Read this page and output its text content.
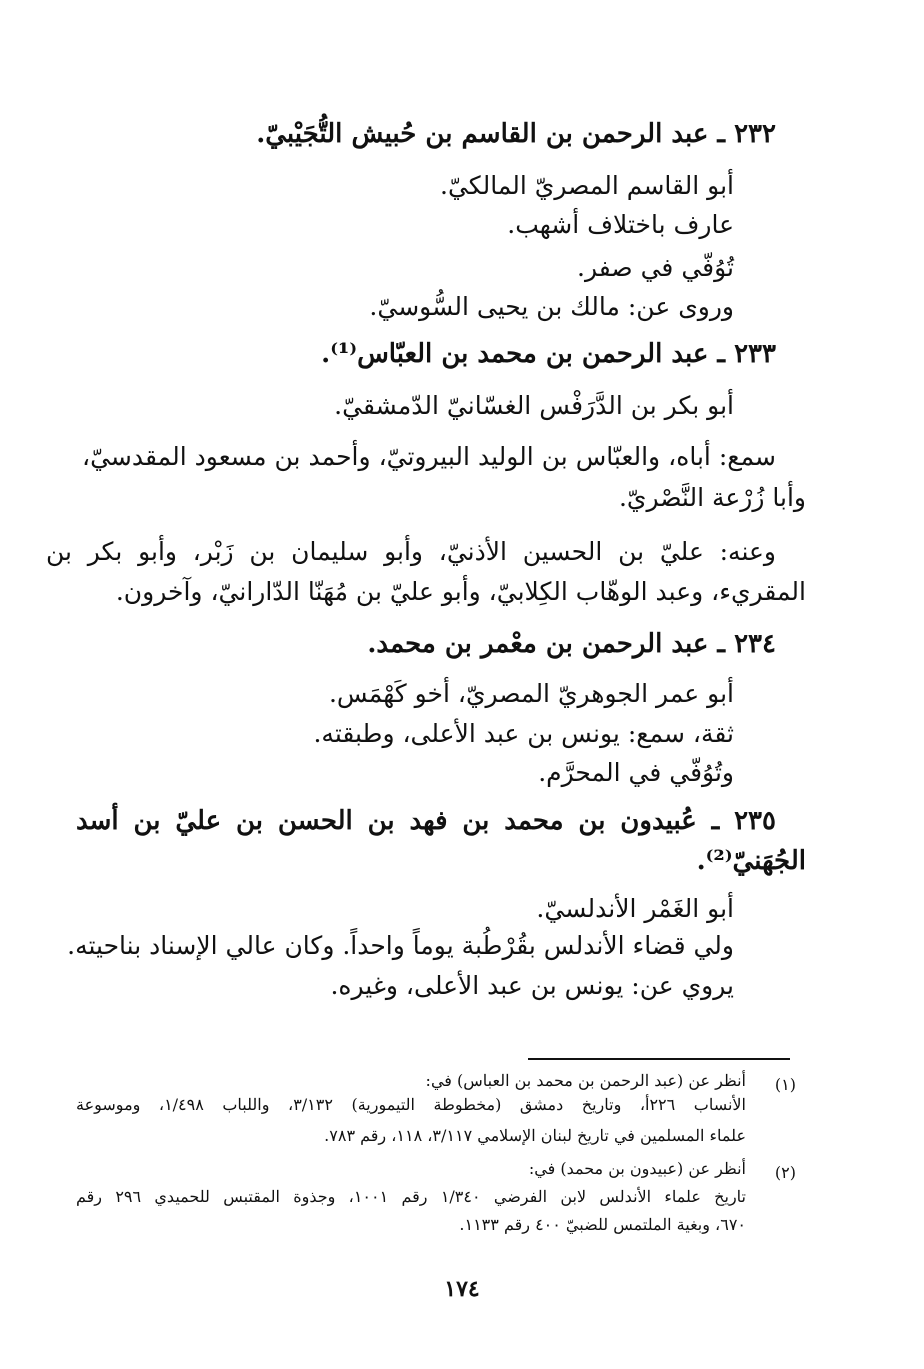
٢٣٢ ـ عبد الرحمن بن القاسم بن حُبيش التُّجَيْبيّ.
أبو القاسم المصريّ المالكيّ.
عارف باختلاف أشهب.
تُوُفّي في صفر.
وروى عن: مالك بن يحيى السُّوسيّ.
٢٣٣ ـ عبد الرحمن بن محمد بن العبّاس⁽¹⁾.
أبو بكر بن الدَّرَفْس الغسّانيّ الدّمشقيّ.
سمع: أباه، والعبّاس بن الوليد البيروتيّ، وأحمد بن مسعود المقدسيّ،
وأبا زُرْعة النَّصْريّ.
وعنه: عليّ بن الحسين الأذنيّ، وأبو سليمان بن زَبْر، وأبو بكر بن
المقريء، وعبد الوهّاب الكِلابيّ، وأبو عليّ بن مُهَنّا الدّارانيّ، وآخرون.
٢٣٤ ـ عبد الرحمن بن معْمر بن محمد.
أبو عمر الجوهريّ المصريّ، أخو كَهْمَس.
ثقة، سمع: يونس بن عبد الأعلى، وطبقته.
وتُوُفّي في المحرَّم.
٢٣٥ ـ عُبيدون بن محمد بن فهد بن الحسن بن عليّ بن أسد
الجُهَنيّ⁽²⁾.
أبو الغَمْر الأندلسيّ.
ولي قضاء الأندلس بقُرْطُبة يوماً واحداً. وكان عالي الإسناد بناحيته.
يروي عن: يونس بن عبد الأعلى، وغيره.
(١)
أنظر عن (عبد الرحمن بن محمد بن العباس) في:
الأنساب ٢٢٦أ، وتاريخ دمشق (مخطوطة التيمورية) ٣/١٣٢، واللباب ١/٤٩٨، وموسوعة
علماء المسلمين في تاريخ لبنان الإسلامي ٣/١١٧، ١١٨، رقم ٧٨٣.
(٢)
أنظر عن (عبيدون بن محمد) في:
تاريخ علماء الأندلس لابن الفرضي ١/٣٤٠ رقم ١٠٠١، وجذوة المقتبس للحميدي ٢٩٦ رقم
٦٧٠، وبغية الملتمس للضبيّ ٤٠٠ رقم ١١٣٣.
١٧٤
